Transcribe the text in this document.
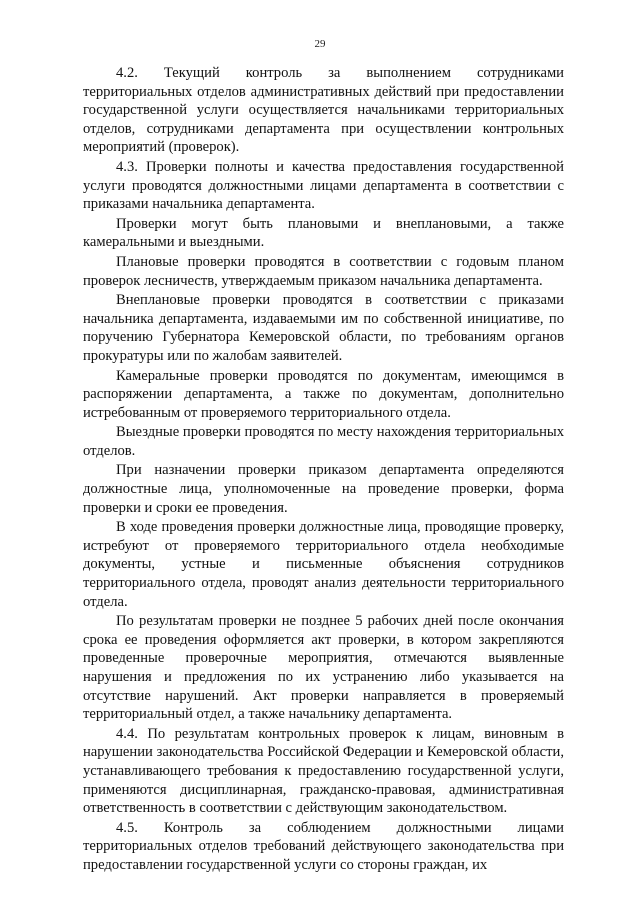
29

4.2. Текущий контроль за выполнением сотрудниками территориальных отделов административных действий при предоставлении государственной услуги осуществляется начальниками территориальных отделов, сотрудниками департамента при осуществлении контрольных мероприятий (проверок).

4.3. Проверки полноты и качества предоставления государственной услуги проводятся должностными лицами департамента в соответствии с приказами начальника департамента.

Проверки могут быть плановыми и внеплановыми, а также камеральными и выездными.

Плановые проверки проводятся в соответствии с годовым планом проверок лесничеств, утверждаемым приказом начальника департамента.

Внеплановые проверки проводятся в соответствии с приказами начальника департамента, издаваемыми им по собственной инициативе, по поручению Губернатора Кемеровской области, по требованиям органов прокуратуры или по жалобам заявителей.

Камеральные проверки проводятся по документам, имеющимся в распоряжении департамента, а также по документам, дополнительно истребованным от проверяемого территориального отдела.

Выездные проверки проводятся по месту нахождения территориальных отделов.

При назначении проверки приказом департамента определяются должностные лица, уполномоченные на проведение проверки, форма проверки и сроки ее проведения.

В ходе проведения проверки должностные лица, проводящие проверку, истребуют от проверяемого территориального отдела необходимые документы, устные и письменные объяснения сотрудников территориального отдела, проводят анализ деятельности территориального отдела.

По результатам проверки не позднее 5 рабочих дней после окончания срока ее проведения оформляется акт проверки, в котором закрепляются проведенные проверочные мероприятия, отмечаются выявленные нарушения и предложения по их устранению либо указывается на отсутствие нарушений. Акт проверки направляется в проверяемый территориальный отдел, а также начальнику департамента.

4.4. По результатам контрольных проверок к лицам, виновным в нарушении законодательства Российской Федерации и Кемеровской области, устанавливающего требования к предоставлению государственной услуги, применяются дисциплинарная, гражданско-правовая, административная ответственность в соответствии с действующим законодательством.

4.5. Контроль за соблюдением должностными лицами территориальных отделов требований действующего законодательства при предоставлении государственной услуги со стороны граждан, их
